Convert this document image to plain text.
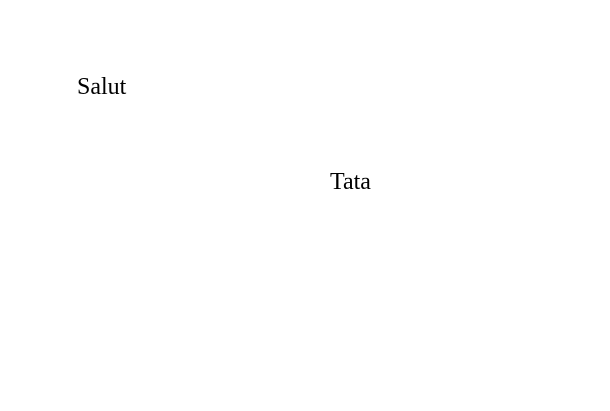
Salut
Tata
